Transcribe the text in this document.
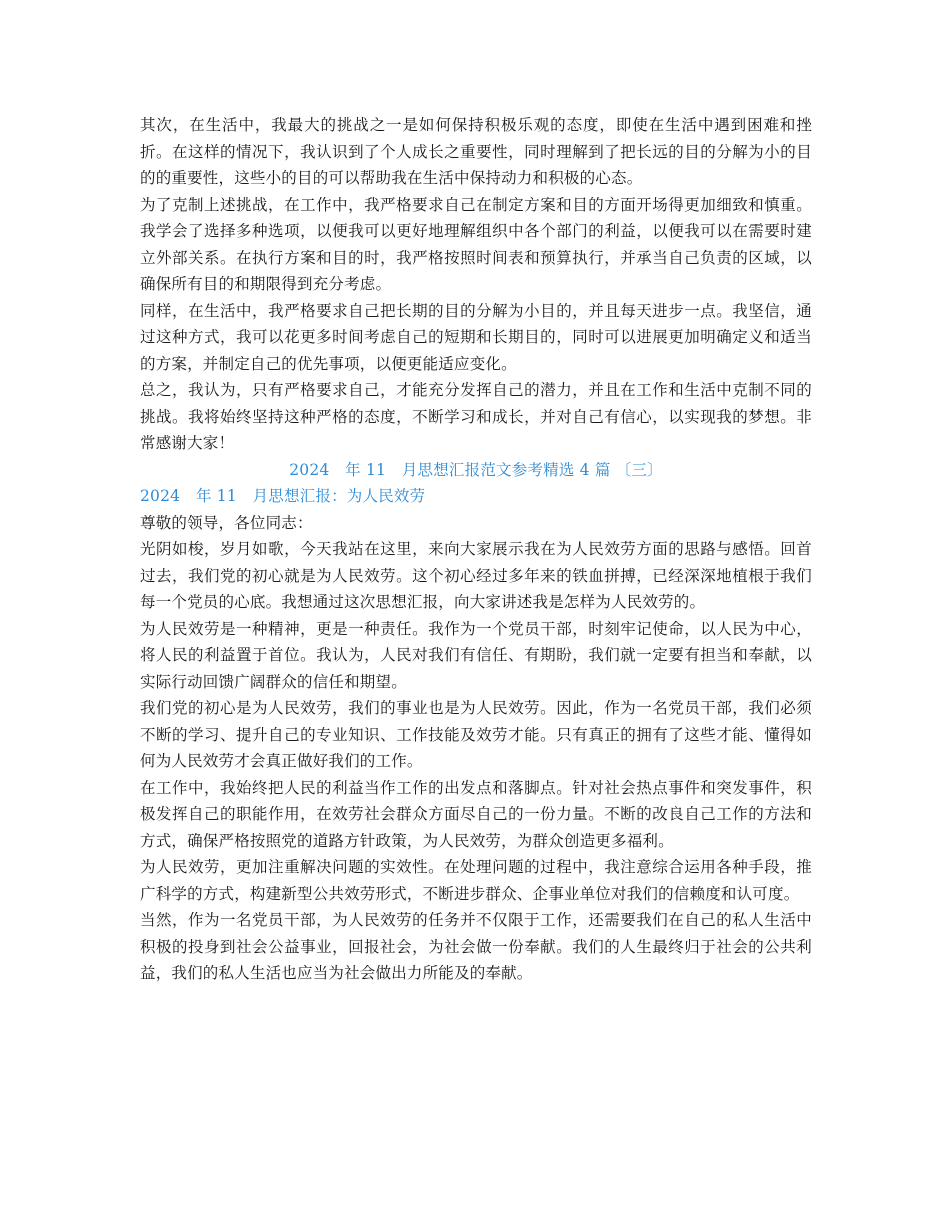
其次，在生活中，我最大的挑战之一是如何保持积极乐观的态度，即使在生活中遇到困难和挫折。在这样的情况下，我认识到了个人成长之重要性，同时理解到了把长远的目的分解为小的目的的重要性，这些小的目的可以帮助我在生活中保持动力和积极的心态。

为了克制上述挑战，在工作中，我严格要求自己在制定方案和目的方面开场得更加细致和慎重。我学会了选择多种选项，以便我可以更好地理解组织中各个部门的利益，以便我可以在需要时建立外部关系。在执行方案和目的时，我严格按照时间表和预算执行，并承当自己负责的区域，以确保所有目的和期限得到充分考虑。

同样，在生活中，我严格要求自己把长期的目的分解为小目的，并且每天进步一点。我坚信，通过这种方式，我可以花更多时间考虑自己的短期和长期目的，同时可以进展更加明确定义和适当的方案，并制定自己的优先事项，以便更能适应变化。

总之，我认为，只有严格要求自己，才能充分发挥自己的潜力，并且在工作和生活中克制不同的挑战。我将始终坚持这种严格的态度，不断学习和成长，并对自己有信心，以实现我的梦想。非常感谢大家！

2024　年 11　月思想汇报范文参考精选 4 篇 〔三〕

2024　年 11　月思想汇报：为人民效劳

尊敬的领导，各位同志：

光阴如梭，岁月如歌，今天我站在这里，来向大家展示我在为人民效劳方面的思路与感悟。回首过去，我们党的初心就是为人民效劳。这个初心经过多年来的铁血拼搏，已经深深地植根于我们每一个党员的心底。我想通过这次思想汇报，向大家讲述我是怎样为人民效劳的。

为人民效劳是一种精神，更是一种责任。我作为一个党员干部，时刻牢记使命，以人民为中心，将人民的利益置于首位。我认为，人民对我们有信任、有期盼，我们就一定要有担当和奉献，以实际行动回馈广阔群众的信任和期望。

我们党的初心是为人民效劳，我们的事业也是为人民效劳。因此，作为一名党员干部，我们必须不断的学习、提升自己的专业知识、工作技能及效劳才能。只有真正的拥有了这些才能、懂得如何为人民效劳才会真正做好我们的工作。

在工作中，我始终把人民的利益当作工作的出发点和落脚点。针对社会热点事件和突发事件，积极发挥自己的职能作用，在效劳社会群众方面尽自己的一份力量。不断的改良自己工作的方法和方式，确保严格按照党的道路方针政策，为人民效劳，为群众创造更多福利。

为人民效劳，更加注重解决问题的实效性。在处理问题的过程中，我注意综合运用各种手段，推广科学的方式，构建新型公共效劳形式，不断进步群众、企事业单位对我们的信赖度和认可度。

当然，作为一名党员干部，为人民效劳的任务并不仅限于工作，还需要我们在自己的私人生活中积极的投身到社会公益事业，回报社会，为社会做一份奉献。我们的人生最终归于社会的公共利益，我们的私人生活也应当为社会做出力所能及的奉献。
